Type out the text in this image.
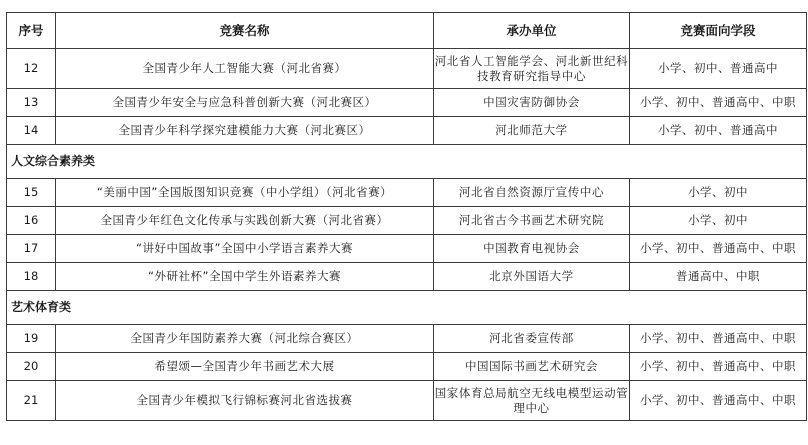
序号	竞赛名称	承办单位	竞赛面向学段
12	全国青少年人工智能大赛（河北省赛）	河北省人工智能学会、河北新世纪科技教育研究指导中心	小学、初中、普通高中
13	全国青少年安全与应急科普创新大赛（河北赛区）	中国灾害防御协会	小学、初中、普通高中、中职
14	全国青少年科学探究建模能力大赛（河北赛区）	河北师范大学	小学、初中、普通高中
人文综合素养类			
15	“美丽中国”全国版图知识竞赛（中小学组）（河北省赛）	河北省自然资源厅宣传中心	小学、初中
16	全国青少年红色文化传承与实践创新大赛（河北省赛）	河北省古今书画艺术研究院	小学、初中
17	“讲好中国故事”全国中小学语言素养大赛	中国教育电视协会	小学、初中、普通高中、中职
18	“外研社杯”全国中学生外语素养大赛	北京外国语大学	普通高中、中职
艺术体育类			
19	全国青少年国防素养大赛（河北综合赛区）	河北省委宣传部	小学、初中、普通高中、中职
20	希望颂—全国青少年书画艺术大展	中国国际书画艺术研究会	小学、初中、普通高中、中职
21	全国青少年模拟飞行锦标赛河北省选拔赛	国家体育总局航空无线电模型运动管理中心	小学、初中、普通高中、中职
